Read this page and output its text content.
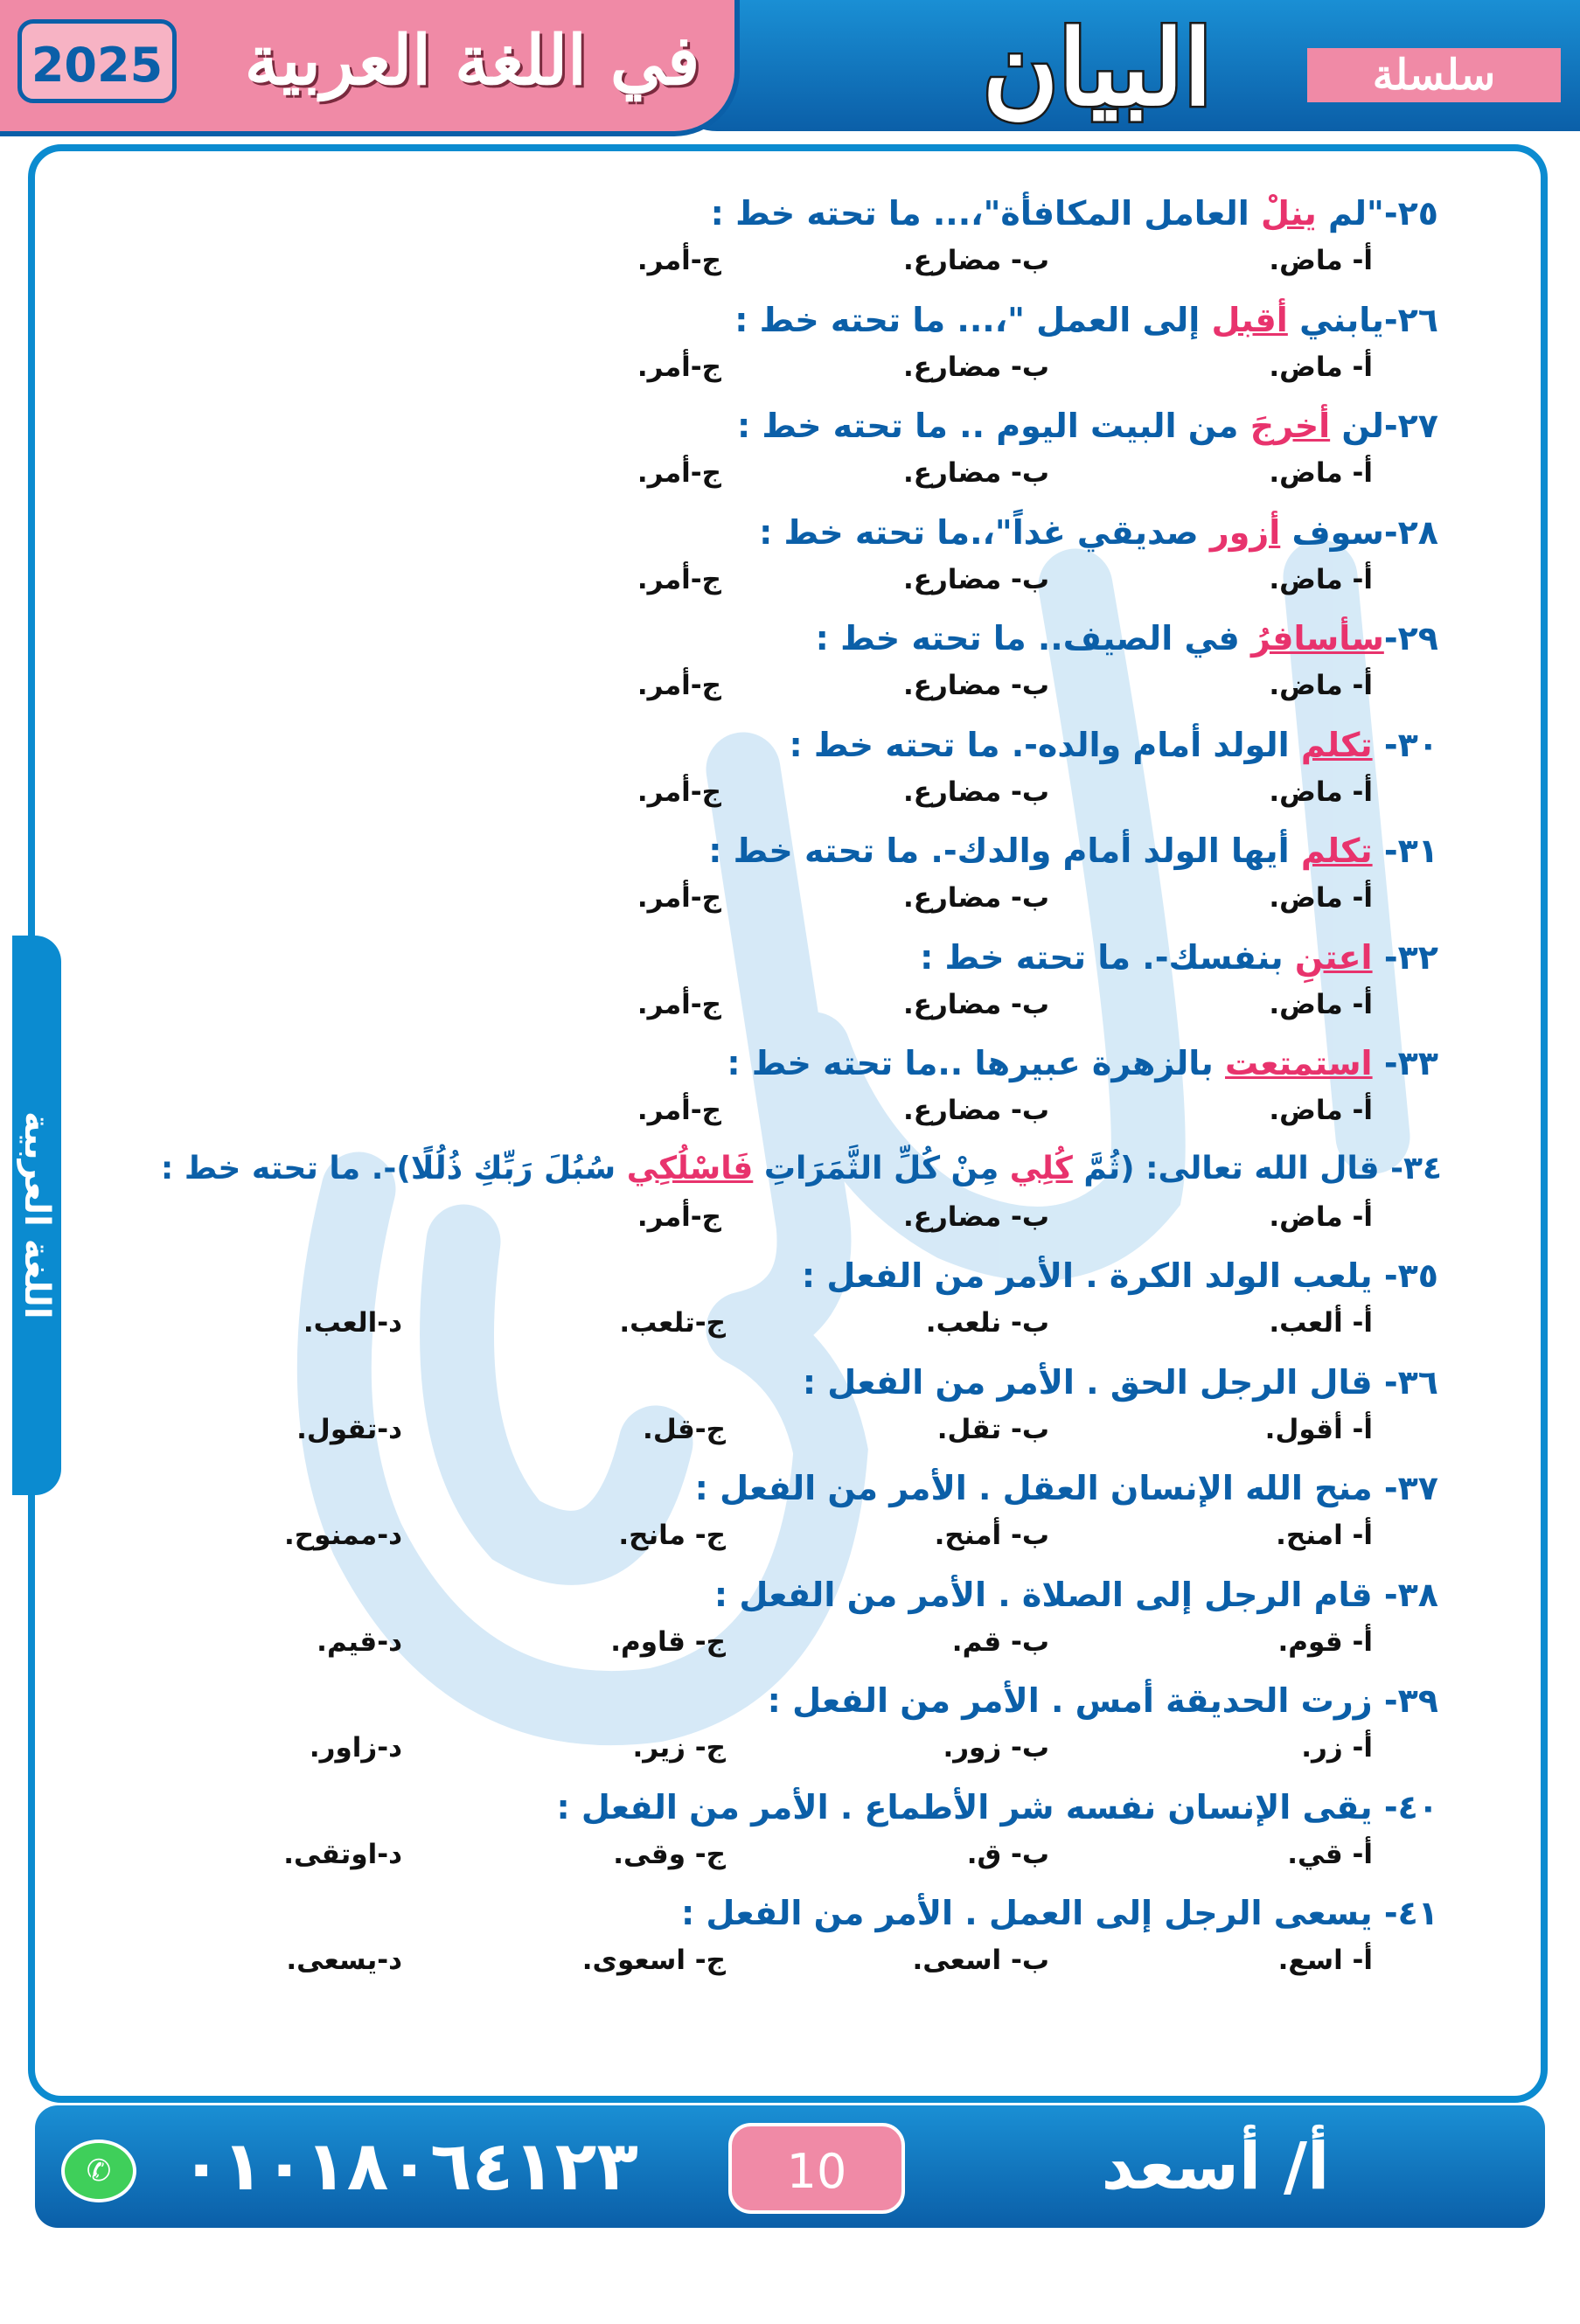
2025 في اللغة العربية	البيان	سلسلة
اللغة العربية
٢٥-"لم ينلْ العامل المكافأة"،... ما تحته خط :
أ- ماض.
ب- مضارع.
ج-أمر.
٢٦-يابني أقبل إلى العمل "،... ما تحته خط :
أ- ماض.
ب- مضارع.
ج-أمر.
٢٧-لن أخرجَ من البيت اليوم .. ما تحته خط :
أ- ماض.
ب- مضارع.
ج-أمر.
٢٨-سوف أزور صديقي غداً"،.ما تحته خط :
أ- ماض.
ب- مضارع.
ج-أمر.
٢٩-سأسافرُ في الصيف.. ما تحته خط :
أ- ماض.
ب- مضارع.
ج-أمر.
٣٠- تكلم الولد أمام والده-. ما تحته خط :
أ- ماض.
ب- مضارع.
ج-أمر.
٣١- تكلم أيها الولد أمام والدك-. ما تحته خط :
أ- ماض.
ب- مضارع.
ج-أمر.
٣٢- اعتنِ بنفسك-. ما تحته خط :
أ- ماض.
ب- مضارع.
ج-أمر.
٣٣- استمتعت بالزهرة عبيرها ..ما تحته خط :
أ- ماض.
ب- مضارع.
ج-أمر.
٣٤- قال الله تعالى: (ثُمَّ كُلِي مِنْ كُلِّ الثَّمَرَاتِ فَاسْلُكِي سُبُلَ رَبِّكِ ذُلُلًا)-. ما تحته خط :
أ- ماض.
ب- مضارع.
ج-أمر.
٣٥- يلعب الولد الكرة . الأمر من الفعل :
أ- ألعب.
ب- نلعب.
ج-تلعب.
د-العب.
٣٦- قال الرجل الحق . الأمر من الفعل :
أ- أقول.
ب- تقل.
ج-قل.
د-تقول.
٣٧- منح الله الإنسان العقل . الأمر من الفعل :
أ- امنح.
ب- أمنح.
ج- مانح.
د-ممنوح.
٣٨- قام الرجل إلى الصلاة . الأمر من الفعل :
أ- قوم.
ب- قم.
ج- قاوم.
د-قيم.
٣٩- زرت الحديقة أمس . الأمر من الفعل :
أ- زر.
ب- زور.
ج- زير.
د-زاور.
٤٠- يقى الإنسان نفسه شر الأطماع . الأمر من الفعل :
أ- قي.
ب- ق.
ج- وقى.
د-اوتقى.
٤١- يسعى الرجل إلى العمل . الأمر من الفعل :
أ- اسع.
ب- اسعى.
ج- اسعوى.
د-يسعى.
✆	٠١٠١٨٠٦٤١٢٣	10	أ/ أسعد رفعت
